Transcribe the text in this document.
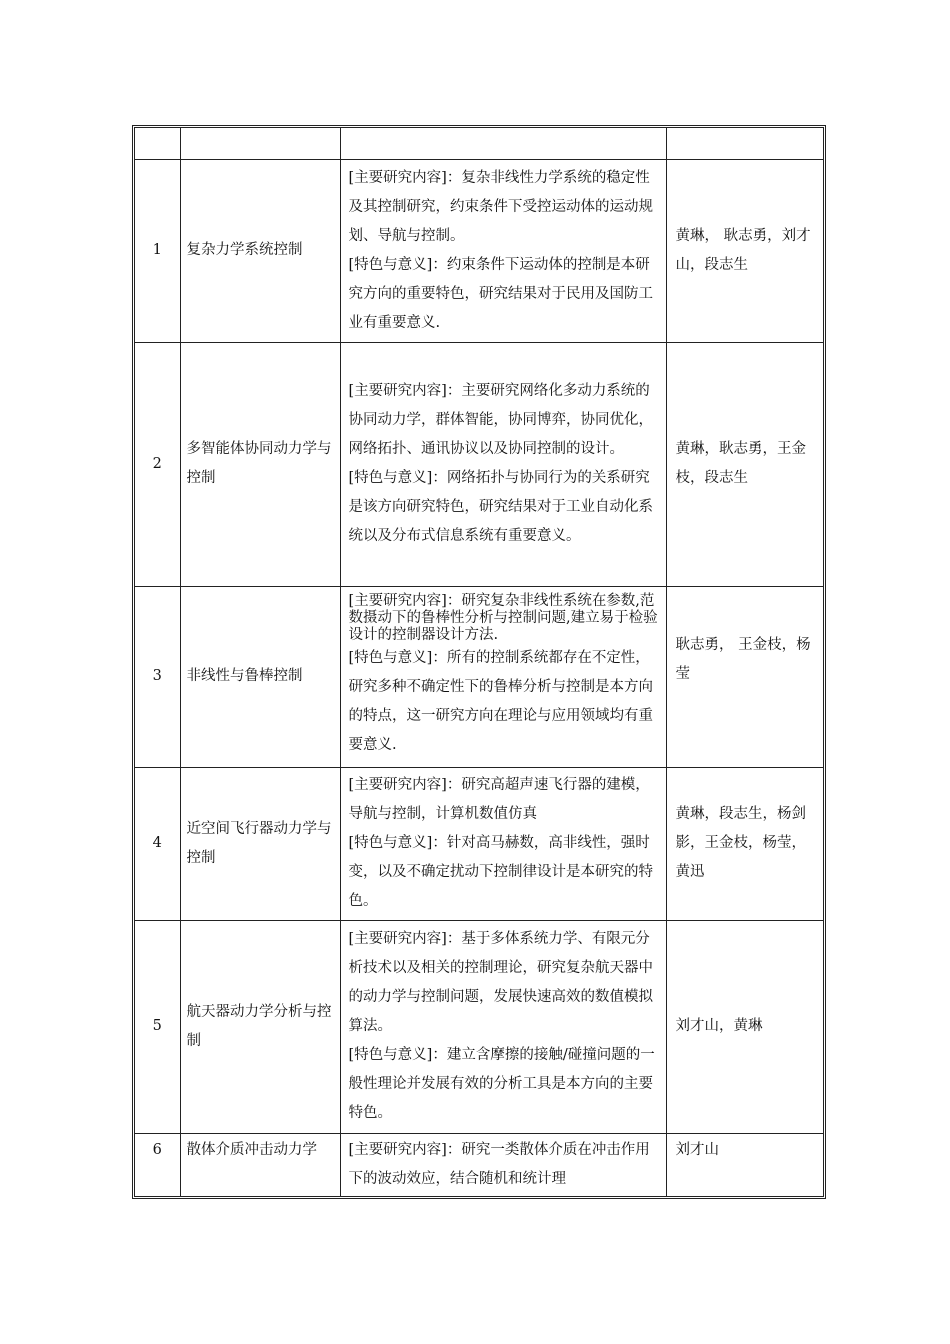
1	复杂力学系统控制	[主要研究内容]：复杂非线性力学系统的稳定性及其控制研究，约束条件下受控运动体的运动规划、导航与控制。

[特色与意义]：约束条件下运动体的控制是本研究方向的重要特色，研究结果对于民用及国防工业有重要意义.	黄琳， 耿志勇，刘才山，段志生
2	多智能体协同动力学与控制	[主要研究内容]：主要研究网络化多动力系统的协同动力学，群体智能，协同博弈，协同优化，网络拓扑、通讯协议以及协同控制的设计。

[特色与意义]：网络拓扑与协同行为的关系研究是该方向研究特色，研究结果对于工业自动化系统以及分布式信息系统有重要意义。	黄琳，耿志勇，王金枝，段志生
3	非线性与鲁棒控制	[主要研究内容]：研究复杂非线性系统在参数,范数摄动下的鲁棒性分析与控制问题,建立易于检验设计的控制器设计方法.

[特色与意义]：所有的控制系统都存在不定性，研究多种不确定性下的鲁棒分析与控制是本方向的特点，这一研究方向在理论与应用领域均有重要意义.	耿志勇， 王金枝，杨莹
4	近空间飞行器动力学与控制	[主要研究内容]：研究高超声速飞行器的建模，导航与控制，计算机数值仿真

[特色与意义]：针对高马赫数，高非线性，强时变，以及不确定扰动下控制律设计是本研究的特色。	黄琳，段志生，杨剑影，王金枝，杨莹，黄迅
5	航天器动力学分析与控制	[主要研究内容]：基于多体系统力学、有限元分析技术以及相关的控制理论，研究复杂航天器中的动力学与控制问题，发展快速高效的数值模拟算法。

[特色与意义]：建立含摩擦的接触/碰撞问题的一般性理论并发展有效的分析工具是本方向的主要特色。	刘才山，黄琳
6	散体介质冲击动力学	[主要研究内容]：研究一类散体介质在冲击作用下的波动效应，结合随机和统计理	刘才山
